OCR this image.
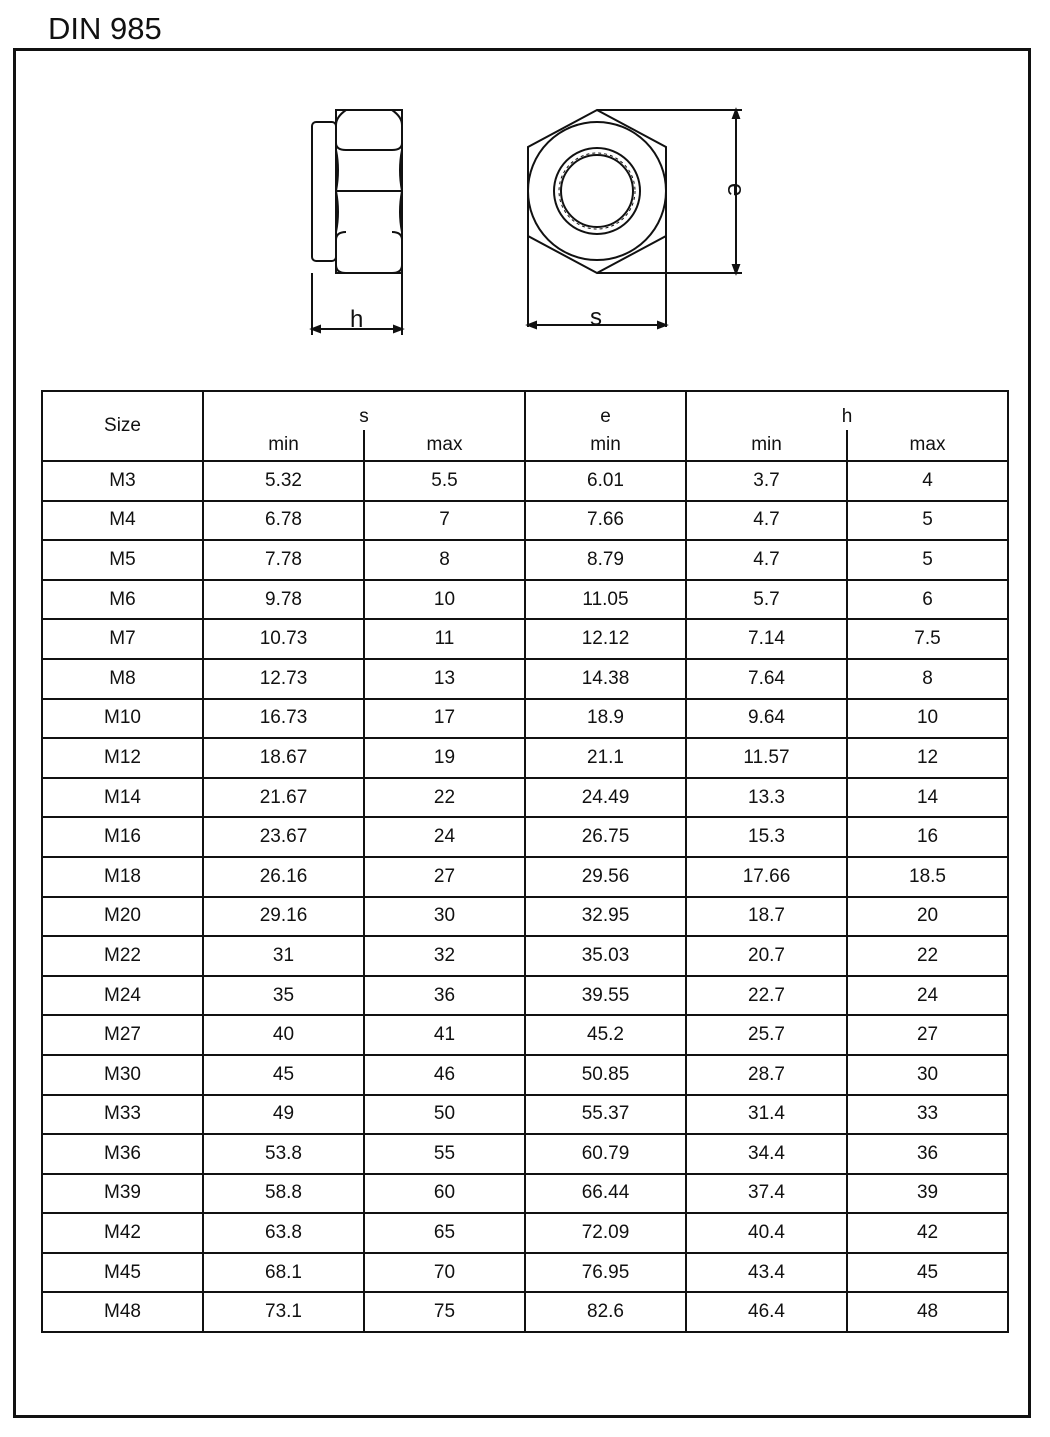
DIN 985
h	s
e
Size	s		e	h	
	min	max	min	min	max
M3	5.32	5.5	6.01	3.7	4
M4	6.78	7	7.66	4.7	5
M5	7.78	8	8.79	4.7	5
M6	9.78	10	11.05	5.7	6
M7	10.73	11	12.12	7.14	7.5
M8	12.73	13	14.38	7.64	8
M10	16.73	17	18.9	9.64	10
M12	18.67	19	21.1	11.57	12
M14	21.67	22	24.49	13.3	14
M16	23.67	24	26.75	15.3	16
M18	26.16	27	29.56	17.66	18.5
M20	29.16	30	32.95	18.7	20
M22	31	32	35.03	20.7	22
M24	35	36	39.55	22.7	24
M27	40	41	45.2	25.7	27
M30	45	46	50.85	28.7	30
M33	49	50	55.37	31.4	33
M36	53.8	55	60.79	34.4	36
M39	58.8	60	66.44	37.4	39
M42	63.8	65	72.09	40.4	42
M45	68.1	70	76.95	43.4	45
M48	73.1	75	82.6	46.4	48
